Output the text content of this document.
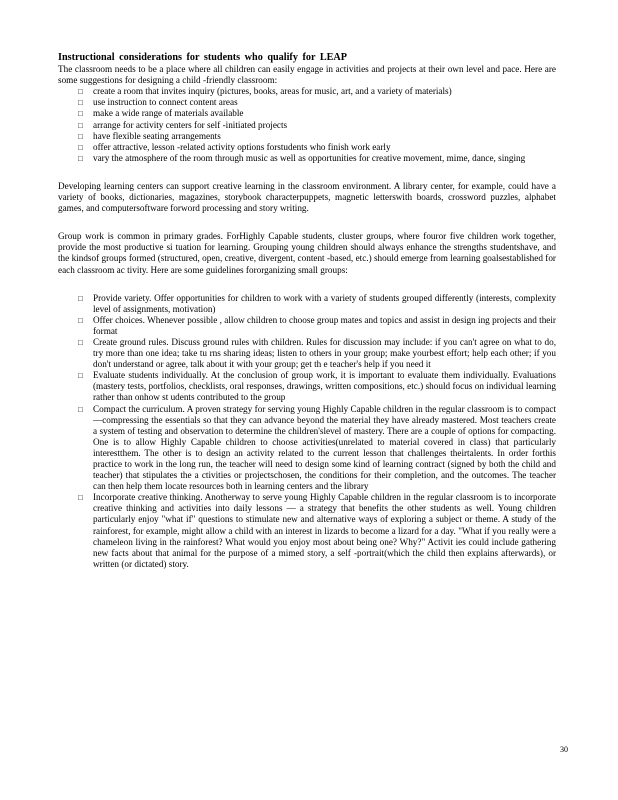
Instructional considerations for students who qualify for LEAP

The classroom needs to be a place where all children can easily engage in activities and projects at their own level and pace. Here are some suggestions for designing a child -friendly classroom:

□ create a room that invites inquiry (pictures, books, areas for music, art, and a variety of materials)
□ use instruction to connect content areas
□ make a wide range of materials available
□ arrange for activity centers for self -initiated projects
□ have flexible seating arrangements
□ offer attractive, lesson -related activity options forstudents who finish work early
□ vary the atmosphere of the room through music as well as opportunities for creative movement, mime, dance, singing

Developing learning centers can support creative learning in the classroom environment. A library center, for example, could have a variety of books, dictionaries, magazines, storybook characterpuppets, magnetic letterswith boards, crossword puzzles, alphabet games, and computersoftware forword processing and story writing.

Group work is common in primary grades. ForHighly Capable students, cluster groups, where fouror five children work together, provide the most productive si tuation for learning. Grouping young children should always enhance the strengths studentshave, and the kindsof groups formed (structured, open, creative, divergent, content -based, etc.) should emerge from learning goalsestablished for each classroom ac tivity. Here are some guidelines fororganizing small groups:

□ Provide variety. Offer opportunities for children to work with a variety of students grouped differently (interests, complexity level of assignments, motivation)
□ Offer choices. Whenever possible , allow children to choose group mates and topics and assist in design ing projects and their format
□ Create ground rules. Discuss ground rules with children. Rules for discussion may include: if you can't agree on what to do, try more than one idea; take tu rns sharing ideas; listen to others in your group; make yourbest effort; help each other; if you don't understand or agree, talk about it with your group; get th e teacher's help if you need it
□ Evaluate students individually. At the conclusion of group work, it is important to evaluate them individually. Evaluations (mastery tests, portfolios, checklists, oral responses, drawings, written compositions, etc.) should focus on individual learning rather than onhow st udents contributed to the group
□ Compact the curriculum. A proven strategy for serving young Highly Capable children in the regular classroom is to compact —compressing the essentials so that they can advance beyond the material they have already mastered. Most teachers create a system of testing and observation to determine the children'slevel of mastery. There are a couple of options for compacting. One is to allow Highly Capable children to choose activities(unrelated to material covered in class) that particularly interestthem. The other is to design an activity related to the current lesson that challenges theirtalents. In order forthis practice to work in the long run, the teacher will need to design some kind of learning contract (signed by both the child and teacher) that stipulates the a ctivities or projectschosen, the conditions for their completion, and the outcomes. The teacher can then help them locate resources both in learning centers and the library
□ Incorporate creative thinking. Anotherway to serve young Highly Capable children in the regular classroom is to incorporate creative thinking and activities into daily lessons — a strategy that benefits the other students as well. Young children particularly enjoy "what if" questions to stimulate new and alternative ways of exploring a subject or theme. A study of the rainforest, for example, might allow a child with an interest in lizards to become a lizard for a day. "What if you really were a chameleon living in the rainforest? What would you enjoy most about being one? Why?" Activit ies could include gathering new facts about that animal for the purpose of a mimed story, a self -portrait(which the child then explains afterwards), or written (or dictated) story.
30
